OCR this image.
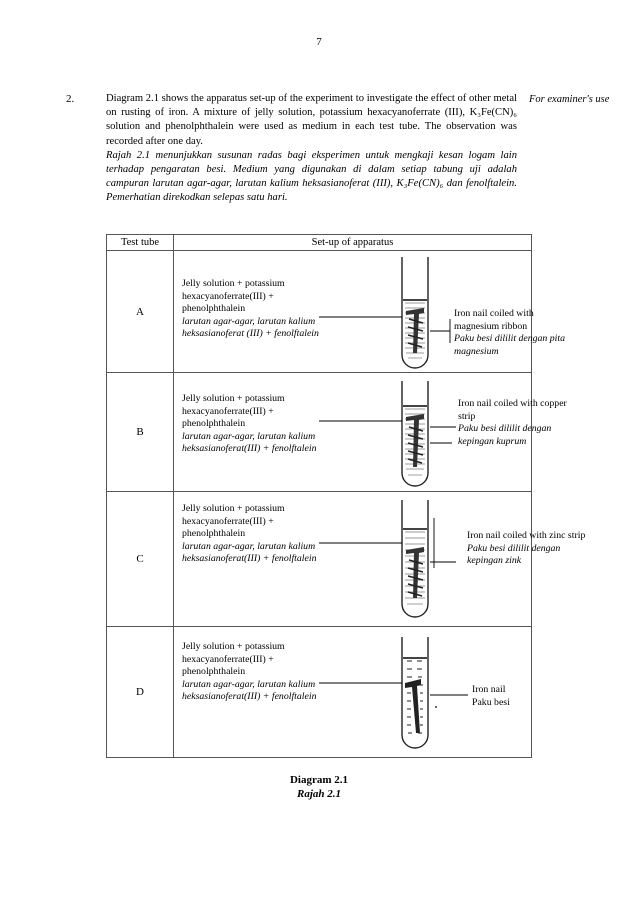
7
2.	Diagram 2.1 shows the apparatus set-up of the experiment to investigate the effect of other metal on rusting of iron. A mixture of jelly solution, potassium hexacyanoferrate (III), K₃Fe(CN)₆ solution and phenolphthalein were used as medium in each test tube. The observation was recorded after one day.

Rajah 2.1 menunjukkan susunan radas bagi eksperimen untuk mengkaji kesan logam lain terhadap pengaratan besi. Medium yang digunakan di dalam setiap tabung uji adalah campuran larutan agar-agar, larutan kalium heksasianoferat (III), K₃Fe(CN)₆ dan fenolftalein. Pemerhatian direkodkan selepas satu hari.

For examiner's use
Test tube	Set-up of apparatus
A	Jelly solution + potassium hexacyanoferrate(III) + phenolphthalein
larutan agar-agar, larutan kalium heksasianoferat (III) + fenolftalein
Iron nail coiled with magnesium ribbon
Paku besi dililit dengan pita magnesium

B	Jelly solution + potassium hexacyanoferrate(III) + phenolphthalein
larutan agar-agar, larutan kalium heksasianoferat(III) + fenolftalein
Iron nail coiled with copper strip
Paku besi dililit dengan kepingan kuprum

C	Jelly solution + potassium hexacyanoferrate(III) + phenolphthalein
larutan agar-agar, larutan kalium heksasianoferat(III) + fenolftalein
Iron nail coiled with zinc strip
Paku besi dililit dengan kepingan zink

D	Jelly solution + potassium hexacyanoferrate(III) + phenolphthalein
larutan agar-agar, larutan kalium heksasianoferat(III) + fenolftalein
Iron nail
Paku besi
Diagram 2.1
Rajah 2.1
